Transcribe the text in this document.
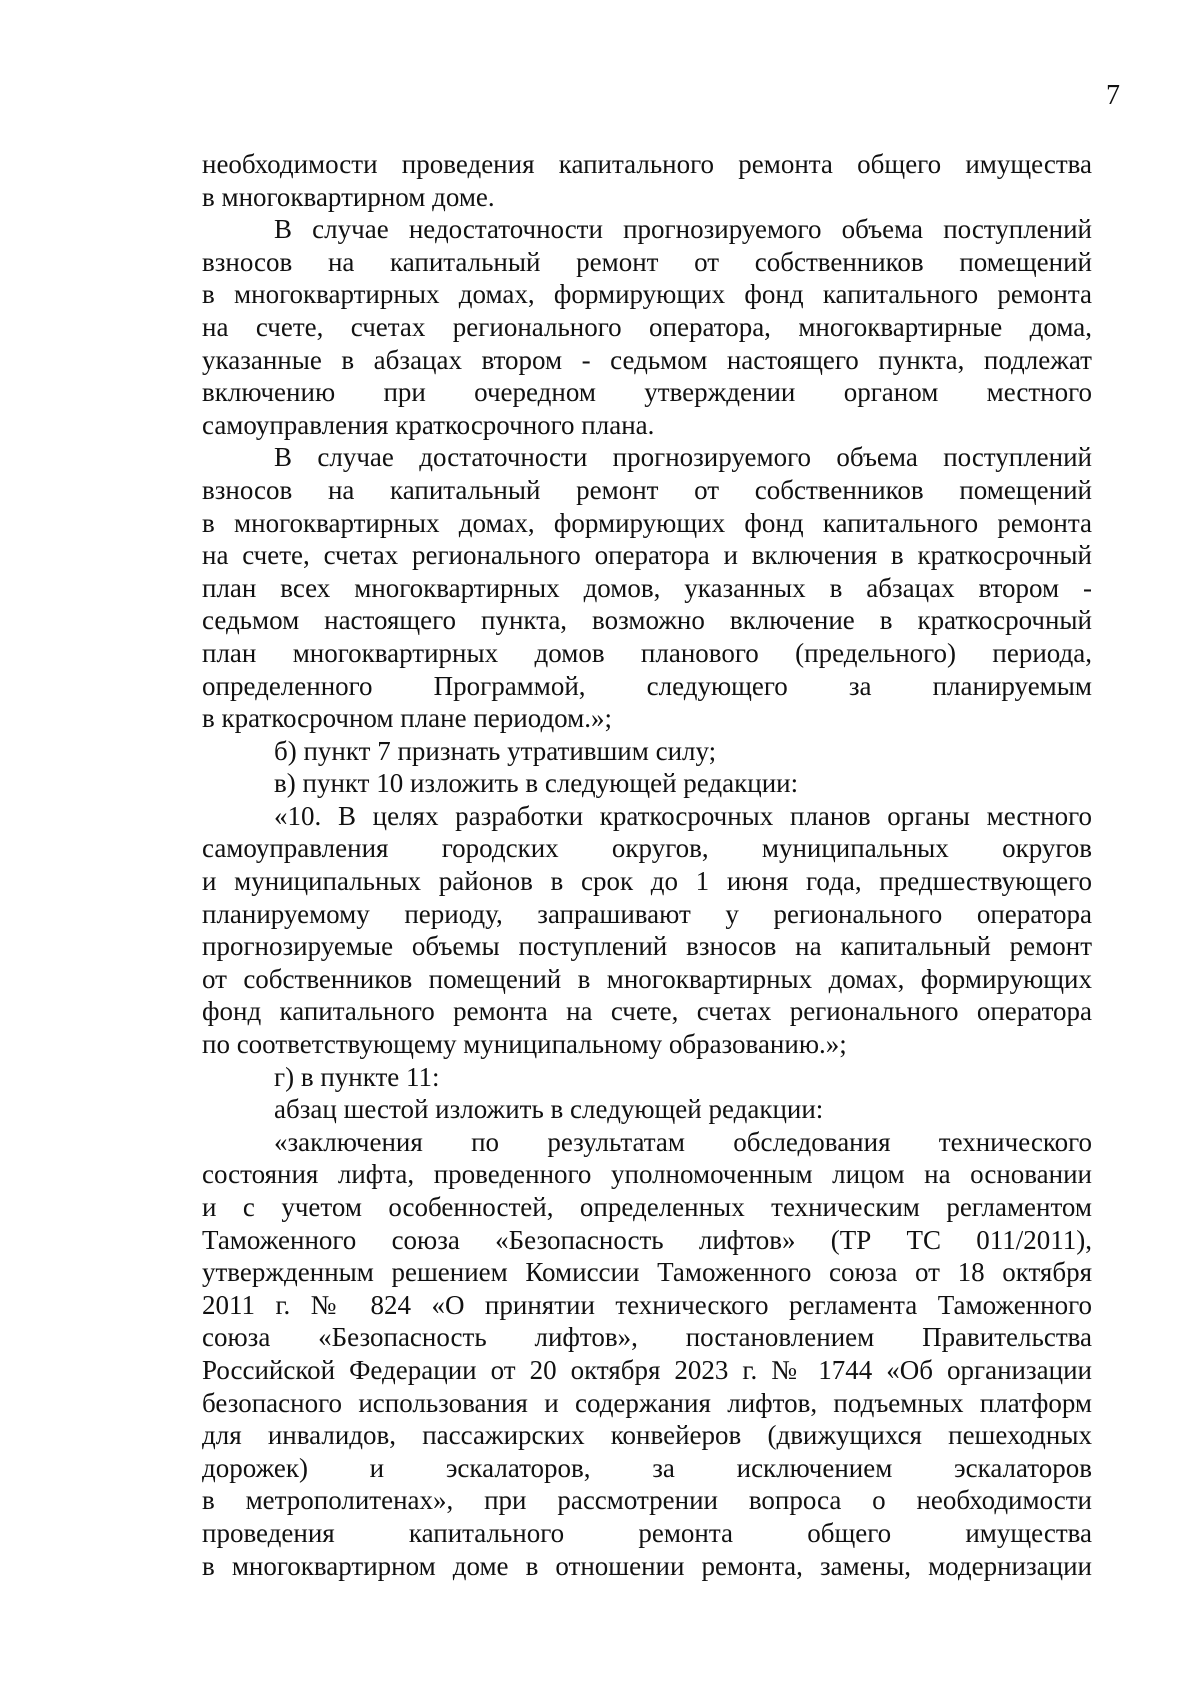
7
необходимости проведения капитального ремонта общего имущества
в многоквартирном доме.
В случае недостаточности прогнозируемого объема поступлений
взносов на капитальный ремонт от собственников помещений
в многоквартирных домах, формирующих фонд капитального ремонта
на счете, счетах регионального оператора, многоквартирные дома,
указанные в абзацах втором - седьмом настоящего пункта, подлежат
включению при очередном утверждении органом местного
самоуправления краткосрочного плана.
В случае достаточности прогнозируемого объема поступлений
взносов на капитальный ремонт от собственников помещений
в многоквартирных домах, формирующих фонд капитального ремонта
на счете, счетах регионального оператора и включения в краткосрочный
план всех многоквартирных домов, указанных в абзацах втором -
седьмом настоящего пункта, возможно включение в краткосрочный
план многоквартирных домов планового (предельного) периода,
определенного Программой, следующего за планируемым
в краткосрочном плане периодом.»;
б) пункт 7 признать утратившим силу;
в) пункт 10 изложить в следующей редакции:
«10. В целях разработки краткосрочных планов органы местного
самоуправления городских округов, муниципальных округов
и муниципальных районов в срок до 1 июня года, предшествующего
планируемому периоду, запрашивают у регионального оператора
прогнозируемые объемы поступлений взносов на капитальный ремонт
от собственников помещений в многоквартирных домах, формирующих
фонд капитального ремонта на счете, счетах регионального оператора
по соответствующему муниципальному образованию.»;
г) в пункте 11:
абзац шестой изложить в следующей редакции:
«заключения по результатам обследования технического
состояния лифта, проведенного уполномоченным лицом на основании
и с учетом особенностей, определенных техническим регламентом
Таможенного союза «Безопасность лифтов» (ТР ТС 011/2011),
утвержденным решением Комиссии Таможенного союза от 18 октября
2011 г. № 824 «О принятии технического регламента Таможенного
союза «Безопасность лифтов», постановлением Правительства
Российской Федерации от 20 октября 2023 г. № 1744 «Об организации
безопасного использования и содержания лифтов, подъемных платформ
для инвалидов, пассажирских конвейеров (движущихся пешеходных
дорожек) и эскалаторов, за исключением эскалаторов
в метрополитенах», при рассмотрении вопроса о необходимости
проведения капитального ремонта общего имущества
в многоквартирном доме в отношении ремонта, замены, модернизации
